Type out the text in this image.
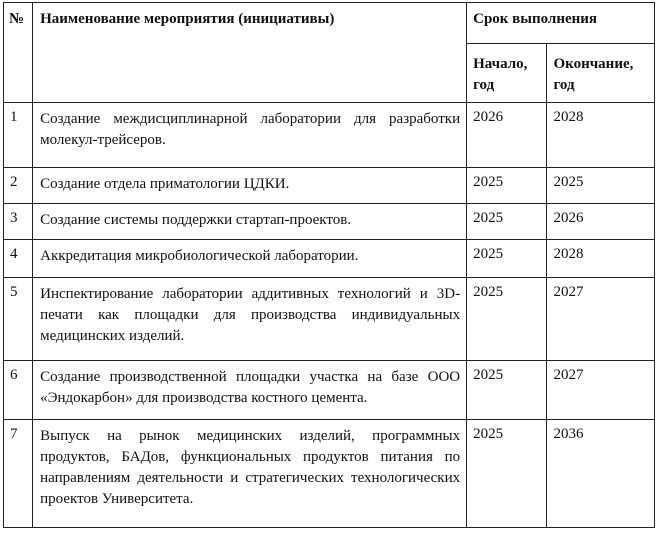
№	Наименование мероприятия (инициативы)	Срок выполнения	
		Начало, год	Окончание, год
1	Создание междисциплинарной лаборатории для разработки молекул-трейсеров.	2026	2028
2	Создание отдела приматологии ЦДКИ.	2025	2025
3	Создание системы поддержки стартап-проектов.	2025	2026
4	Аккредитация микробиологической лаборатории.	2025	2028
5	Инспектирование лаборатории аддитивных технологий и 3D-печати как площадки для производства индивидуальных медицинских изделий.	2025	2027
6	Создание производственной площадки участка на базе ООО «Эндокарбон» для производства костного цемента.	2025	2027
7	Выпуск на рынок медицинских изделий, программных продуктов, БАДов, функциональных продуктов питания по направлениям деятельности и стратегических технологических проектов Университета.	2025	2036
